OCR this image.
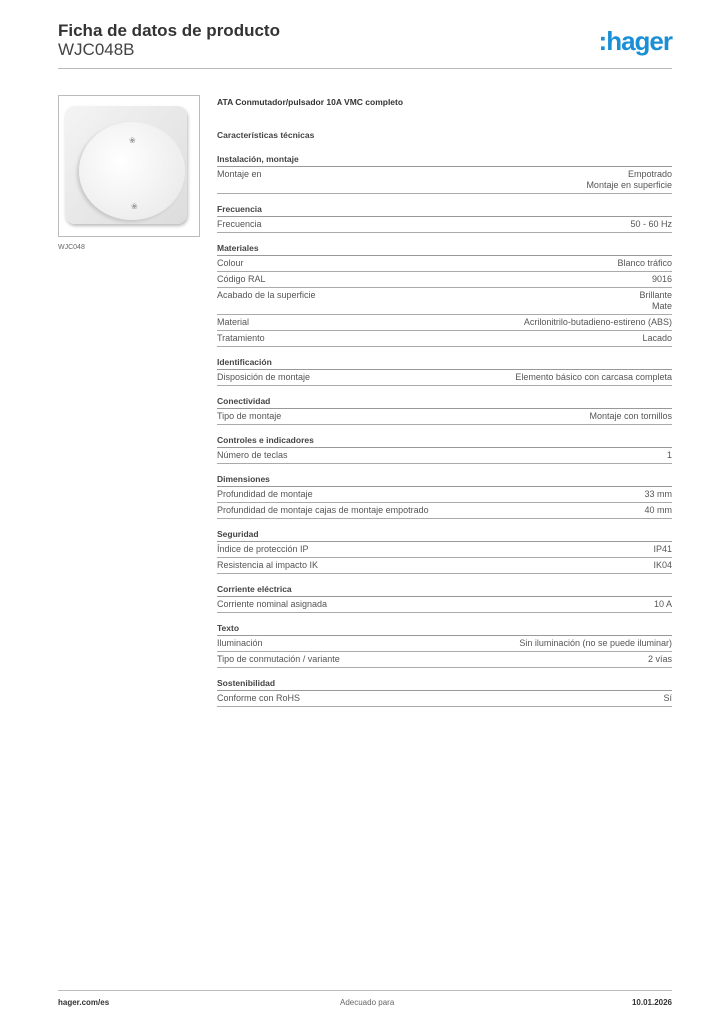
Ficha de datos de producto
WJC048B	:hager
❀
❀
WJC048
ATA Conmutador/pulsador 10A VMC completo
Características técnicas
Instalación, montaje
Montaje en	Empotrado
Montaje en superficie
Frecuencia
Frecuencia	50 - 60 Hz
Materiales
Colour	Blanco tráfico
Código RAL	9016
Acabado de la superficie	Brillante
Mate
Material	Acrilonitrilo-butadieno-estireno (ABS)
Tratamiento	Lacado
Identificación
Disposición de montaje	Elemento básico con carcasa completa
Conectividad
Tipo de montaje	Montaje con tornillos
Controles e indicadores
Número de teclas	1
Dimensiones
Profundidad de montaje	33 mm
Profundidad de montaje cajas de montaje empotrado	40 mm
Seguridad
Índice de protección IP	IP41
Resistencia al impacto IK	IK04
Corriente eléctrica
Corriente nominal asignada	10 A
Texto
Iluminación	Sin iluminación (no se puede iluminar)
Tipo de conmutación / variante	2 vías
Sostenibilidad
Conforme con RoHS	Sí
hager.com/es	Adecuado para	10.01.2026
